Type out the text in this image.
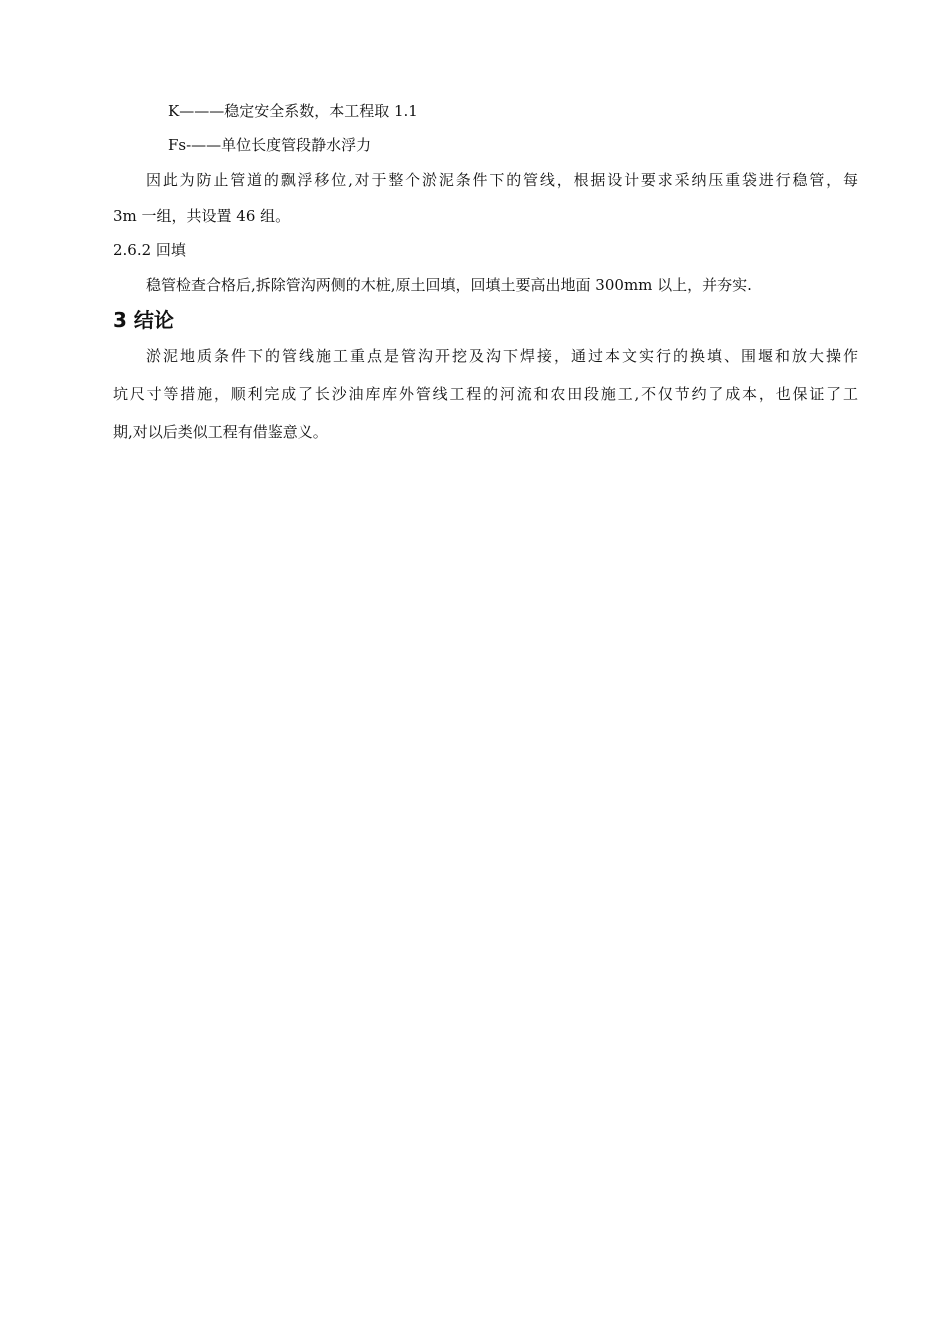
K———稳定安全系数，本工程取 1.1
Fs-——单位长度管段静水浮力
因此为防止管道的飘浮移位,对于整个淤泥条件下的管线，根据设计要求采纳压重袋进行稳管，每
3m 一组，共设置 46 组。
2.6.2 回填
稳管检查合格后,拆除管沟两侧的木桩,原土回填，回填土要高出地面 300mm 以上，并夯实.
3 结论
淤泥地质条件下的管线施工重点是管沟开挖及沟下焊接，通过本文实行的换填、围堰和放大操作
坑尺寸等措施，顺利完成了长沙油库库外管线工程的河流和农田段施工,不仅节约了成本，也保证了工
期,对以后类似工程有借鉴意义。
